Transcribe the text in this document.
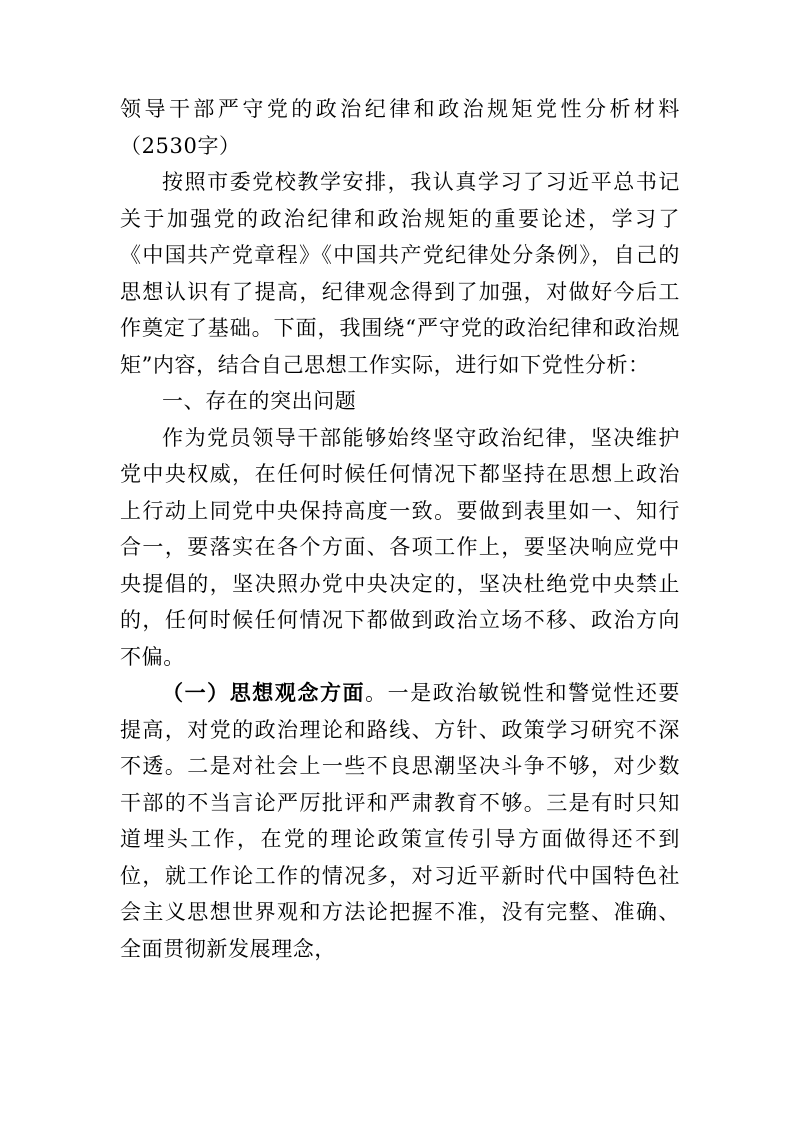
领导干部严守党的政治纪律和政治规矩党性分析材料（2530字）

按照市委党校教学安排，我认真学习了习近平总书记关于加强党的政治纪律和政治规矩的重要论述，学习了《中国共产党章程》《中国共产党纪律处分条例》，自己的思想认识有了提高，纪律观念得到了加强，对做好今后工作奠定了基础。下面，我围绕“严守党的政治纪律和政治规矩”内容，结合自己思想工作实际，进行如下党性分析：

一、存在的突出问题

作为党员领导干部能够始终坚守政治纪律，坚决维护党中央权威，在任何时候任何情况下都坚持在思想上政治上行动上同党中央保持高度一致。要做到表里如一、知行合一，要落实在各个方面、各项工作上，要坚决响应党中央提倡的，坚决照办党中央决定的，坚决杜绝党中央禁止的，任何时候任何情况下都做到政治立场不移、政治方向不偏。

（一）思想观念方面。一是政治敏锐性和警觉性还要提高，对党的政治理论和路线、方针、政策学习研究不深不透。二是对社会上一些不良思潮坚决斗争不够，对少数干部的不当言论严厉批评和严肃教育不够。三是有时只知道埋头工作，在党的理论政策宣传引导方面做得还不到位，就工作论工作的情况多，对习近平新时代中国特色社会主义思想世界观和方法论把握不准，没有完整、准确、全面贯彻新发展理念，
